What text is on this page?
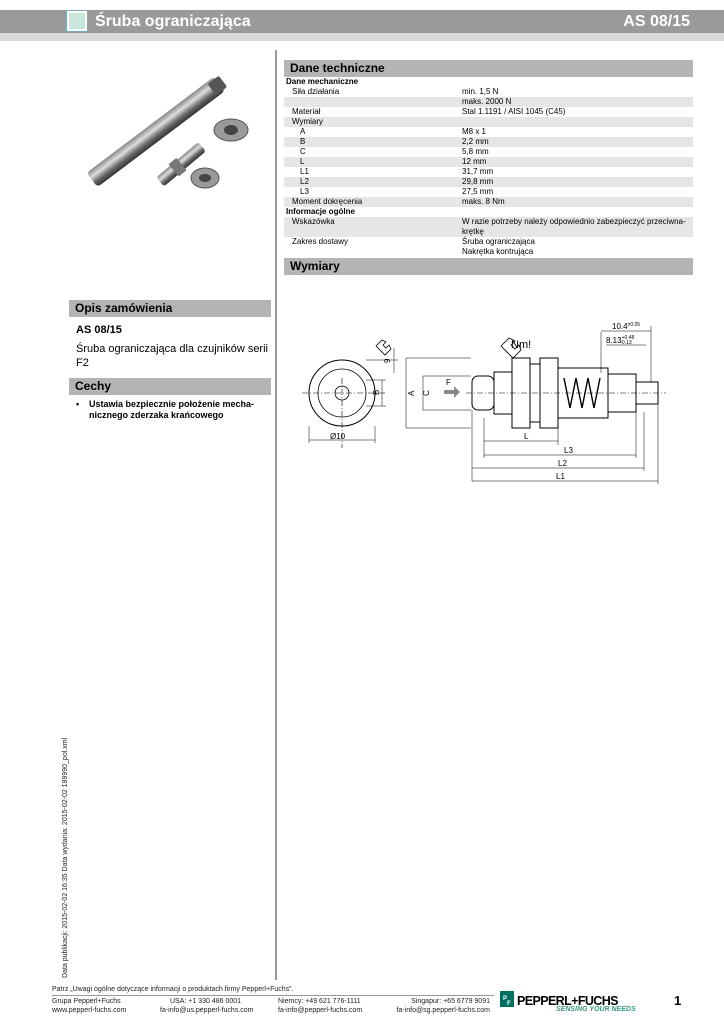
Śruba ograniczająca	AS 08/15
Dane techniczne
Dane mechaniczne	
Siła działania	min. 1,5 N
	maks. 2000 N
Materiał	Stal 1.1191 / AISI 1045 (C45)
Wymiary	
A	M8 x 1
B	2,2 mm
C	5,8 mm
L	12 mm
L1	31,7 mm
L2	29,8 mm
L3	27,5 mm
Moment dokręcenia	maks. 8 Nm
Informacje ogólne	
Wskazówka	W razie potrzeby należy odpowiednio zabezpieczyć przeciwna-
	krętkę
Zakres dostawy	Śruba ograniczająca
	Nakrętka kontrująca
Wymiary
Ø10
B
9
A C
F
Nm!
$10.4^{\pm 0.05}$
$8.13^{+0.48}$ -0.13
L
L3
L2
L1
Opis zamówienia
AS 08/15
Śruba ograniczająca dla czujników serii F2
Cechy
• Ustawia bezpiecznie położenie mecha-
nicznego zderzaka krańcowego
Data publikacji: 2015-02-02 16:35 Data wydania: 2015-02-02 189990_pol.xml
Patrz „Uwagi ogólne dotyczące informacji o produktach firmy Pepperl+Fuchs”.
Grupa Pepperl+Fuchs
www.pepperl-fuchs.com
USA: +1 330 486 0001
fa-info@us.pepperl-fuchs.com
Niemcy: +49 621 776-1111
fa-info@pepperl-fuchs.com
Singapur: +65 6779 9091
fa-info@sg.pepperl-fuchs.com
P
F PEPPERL+FUCHS
SENSING YOUR NEEDS
1
